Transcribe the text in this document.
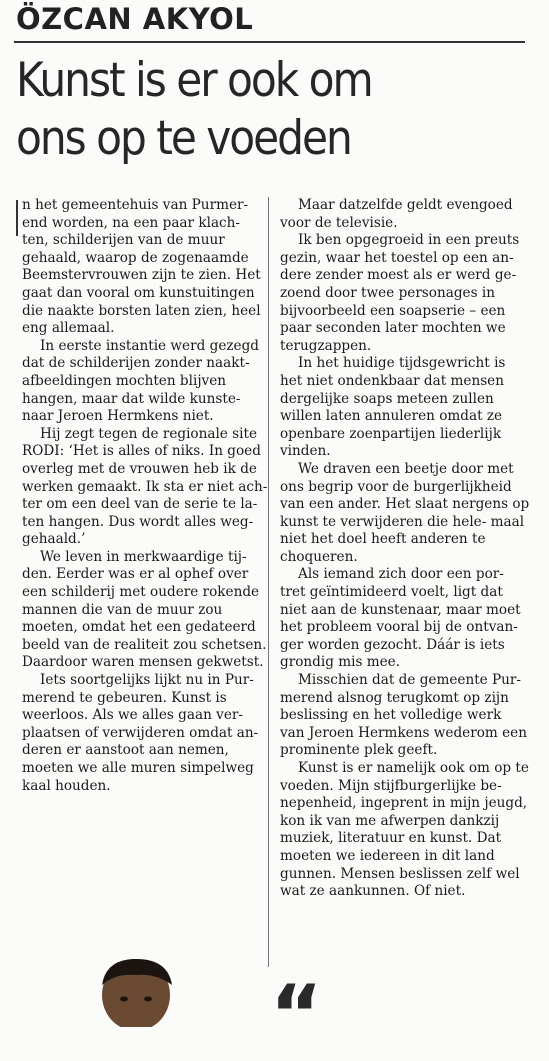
ÖZCAN AKYOL
Kunst is er ook om
ons op te voeden
n het gemeentehuis van Purmer- end worden, na een paar klach- ten, schilderijen van de muur gehaald, waarop de zogenaamde Beemstervrouwen zijn te zien. Het gaat dan vooral om kunstuitingen die naakte borsten laten zien, heel eng allemaal.
In eerste instantie werd gezegd dat de schilderijen zonder naakt- afbeeldingen mochten blijven hangen, maar dat wilde kunste- naar Jeroen Hermkens niet.
Hij zegt tegen de regionale site RODI: ‘Het is alles of niks. In goed overleg met de vrouwen heb ik de werken gemaakt. Ik sta er niet ach- ter om een deel van de serie te la- ten hangen. Dus wordt alles weg- gehaald.’
We leven in merkwaardige tij- den. Eerder was er al ophef over een schilderij met oudere rokende mannen die van de muur zou moeten, omdat het een gedateerd beeld van de realiteit zou schetsen. Daardoor waren mensen gekwetst.
Iets soortgelijks lijkt nu in Pur- merend te gebeuren. Kunst is weerloos. Als we alles gaan ver- plaatsen of verwijderen omdat an- deren er aanstoot aan nemen, moeten we alle muren simpelweg kaal houden.
Maar datzelfde geldt evengoed voor de televisie.
Ik ben opgegroeid in een preuts gezin, waar het toestel op een an- dere zender moest als er werd ge- zoend door twee personages in bijvoorbeeld een soapserie – een paar seconden later mochten we terugzappen.
In het huidige tijdsgewricht is het niet ondenkbaar dat mensen dergelijke soaps meteen zullen willen laten annuleren omdat ze openbare zoenpartijen liederlijk vinden.
We draven een beetje door met ons begrip voor de burgerlijkheid van een ander. Het slaat nergens op kunst te verwijderen die hele- maal niet het doel heeft anderen te choqueren.
Als iemand zich door een por- tret geïntimideerd voelt, ligt dat niet aan de kunstenaar, maar moet het probleem vooral bij de ontvan- ger worden gezocht. Dáár is iets grondig mis mee.
Misschien dat de gemeente Pur- merend alsnog terugkomt op zijn beslissing en het volledige werk van Jeroen Hermkens wederom een prominente plek geeft.
Kunst is er namelijk ook om op te voeden. Mijn stijfburgerlijke be- nepenheid, ingeprent in mijn jeugd, kon ik van me afwerpen dankzij muziek, literatuur en kunst. Dat moeten we iedereen in dit land gunnen. Mensen beslissen zelf wel wat ze aankunnen. Of niet.
“
